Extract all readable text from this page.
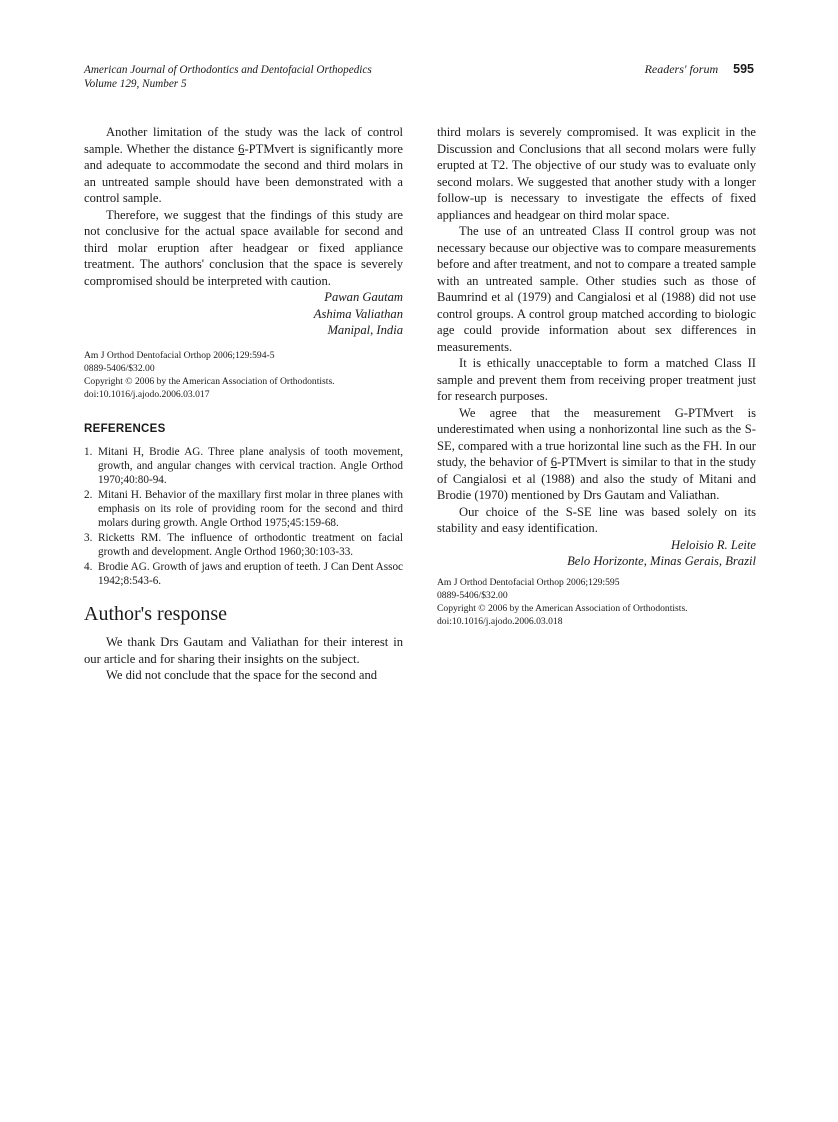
American Journal of Orthodontics and Dentofacial Orthopedics
Volume 129, Number 5
Readers' forum 595

Another limitation of the study was the lack of control sample. Whether the distance 6-PTMvert is significantly more and adequate to accommodate the second and third molars in an untreated sample should have been demonstrated with a control sample.

Therefore, we suggest that the findings of this study are not conclusive for the actual space available for second and third molar eruption after headgear or fixed appliance treatment. The authors' conclusion that the space is severely compromised should be interpreted with caution.

Pawan Gautam
Ashima Valiathan
Manipal, India
Am J Orthod Dentofacial Orthop 2006;129:594-5
0889-5406/$32.00
Copyright © 2006 by the American Association of Orthodontists.
doi:10.1016/j.ajodo.2006.03.017
REFERENCES
1. Mitani H, Brodie AG. Three plane analysis of tooth movement, growth, and angular changes with cervical traction. Angle Orthod 1970;40:80-94.
2. Mitani H. Behavior of the maxillary first molar in three planes with emphasis on its role of providing room for the second and third molars during growth. Angle Orthod 1975;45:159-68.
3. Ricketts RM. The influence of orthodontic treatment on facial growth and development. Angle Orthod 1960;30:103-33.
4. Brodie AG. Growth of jaws and eruption of teeth. J Can Dent Assoc 1942;8:543-6.
Author's response

We thank Drs Gautam and Valiathan for their interest in our article and for sharing their insights on the subject.

We did not conclude that the space for the second and

third molars is severely compromised. It was explicit in the Discussion and Conclusions that all second molars were fully erupted at T2. The objective of our study was to evaluate only second molars. We suggested that another study with a longer follow-up is necessary to investigate the effects of fixed appliances and headgear on third molar space.

The use of an untreated Class II control group was not necessary because our objective was to compare measurements before and after treatment, and not to compare a treated sample with an untreated sample. Other studies such as those of Baumrind et al (1979) and Cangialosi et al (1988) did not use control groups. A control group matched according to biologic age could provide information about sex differences in measurements.

It is ethically unacceptable to form a matched Class II sample and prevent them from receiving proper treatment just for research purposes.

We agree that the measurement G-PTMvert is underestimated when using a nonhorizontal line such as the S-SE, compared with a true horizontal line such as the FH. In our study, the behavior of 6-PTMvert is similar to that in the study of Cangialosi et al (1988) and also the study of Mitani and Brodie (1970) mentioned by Drs Gautam and Valiathan.

Our choice of the S-SE line was based solely on its stability and easy identification.

Heloisio R. Leite
Belo Horizonte, Minas Gerais, Brazil
Am J Orthod Dentofacial Orthop 2006;129:595
0889-5406/$32.00
Copyright © 2006 by the American Association of Orthodontists.
doi:10.1016/j.ajodo.2006.03.018
